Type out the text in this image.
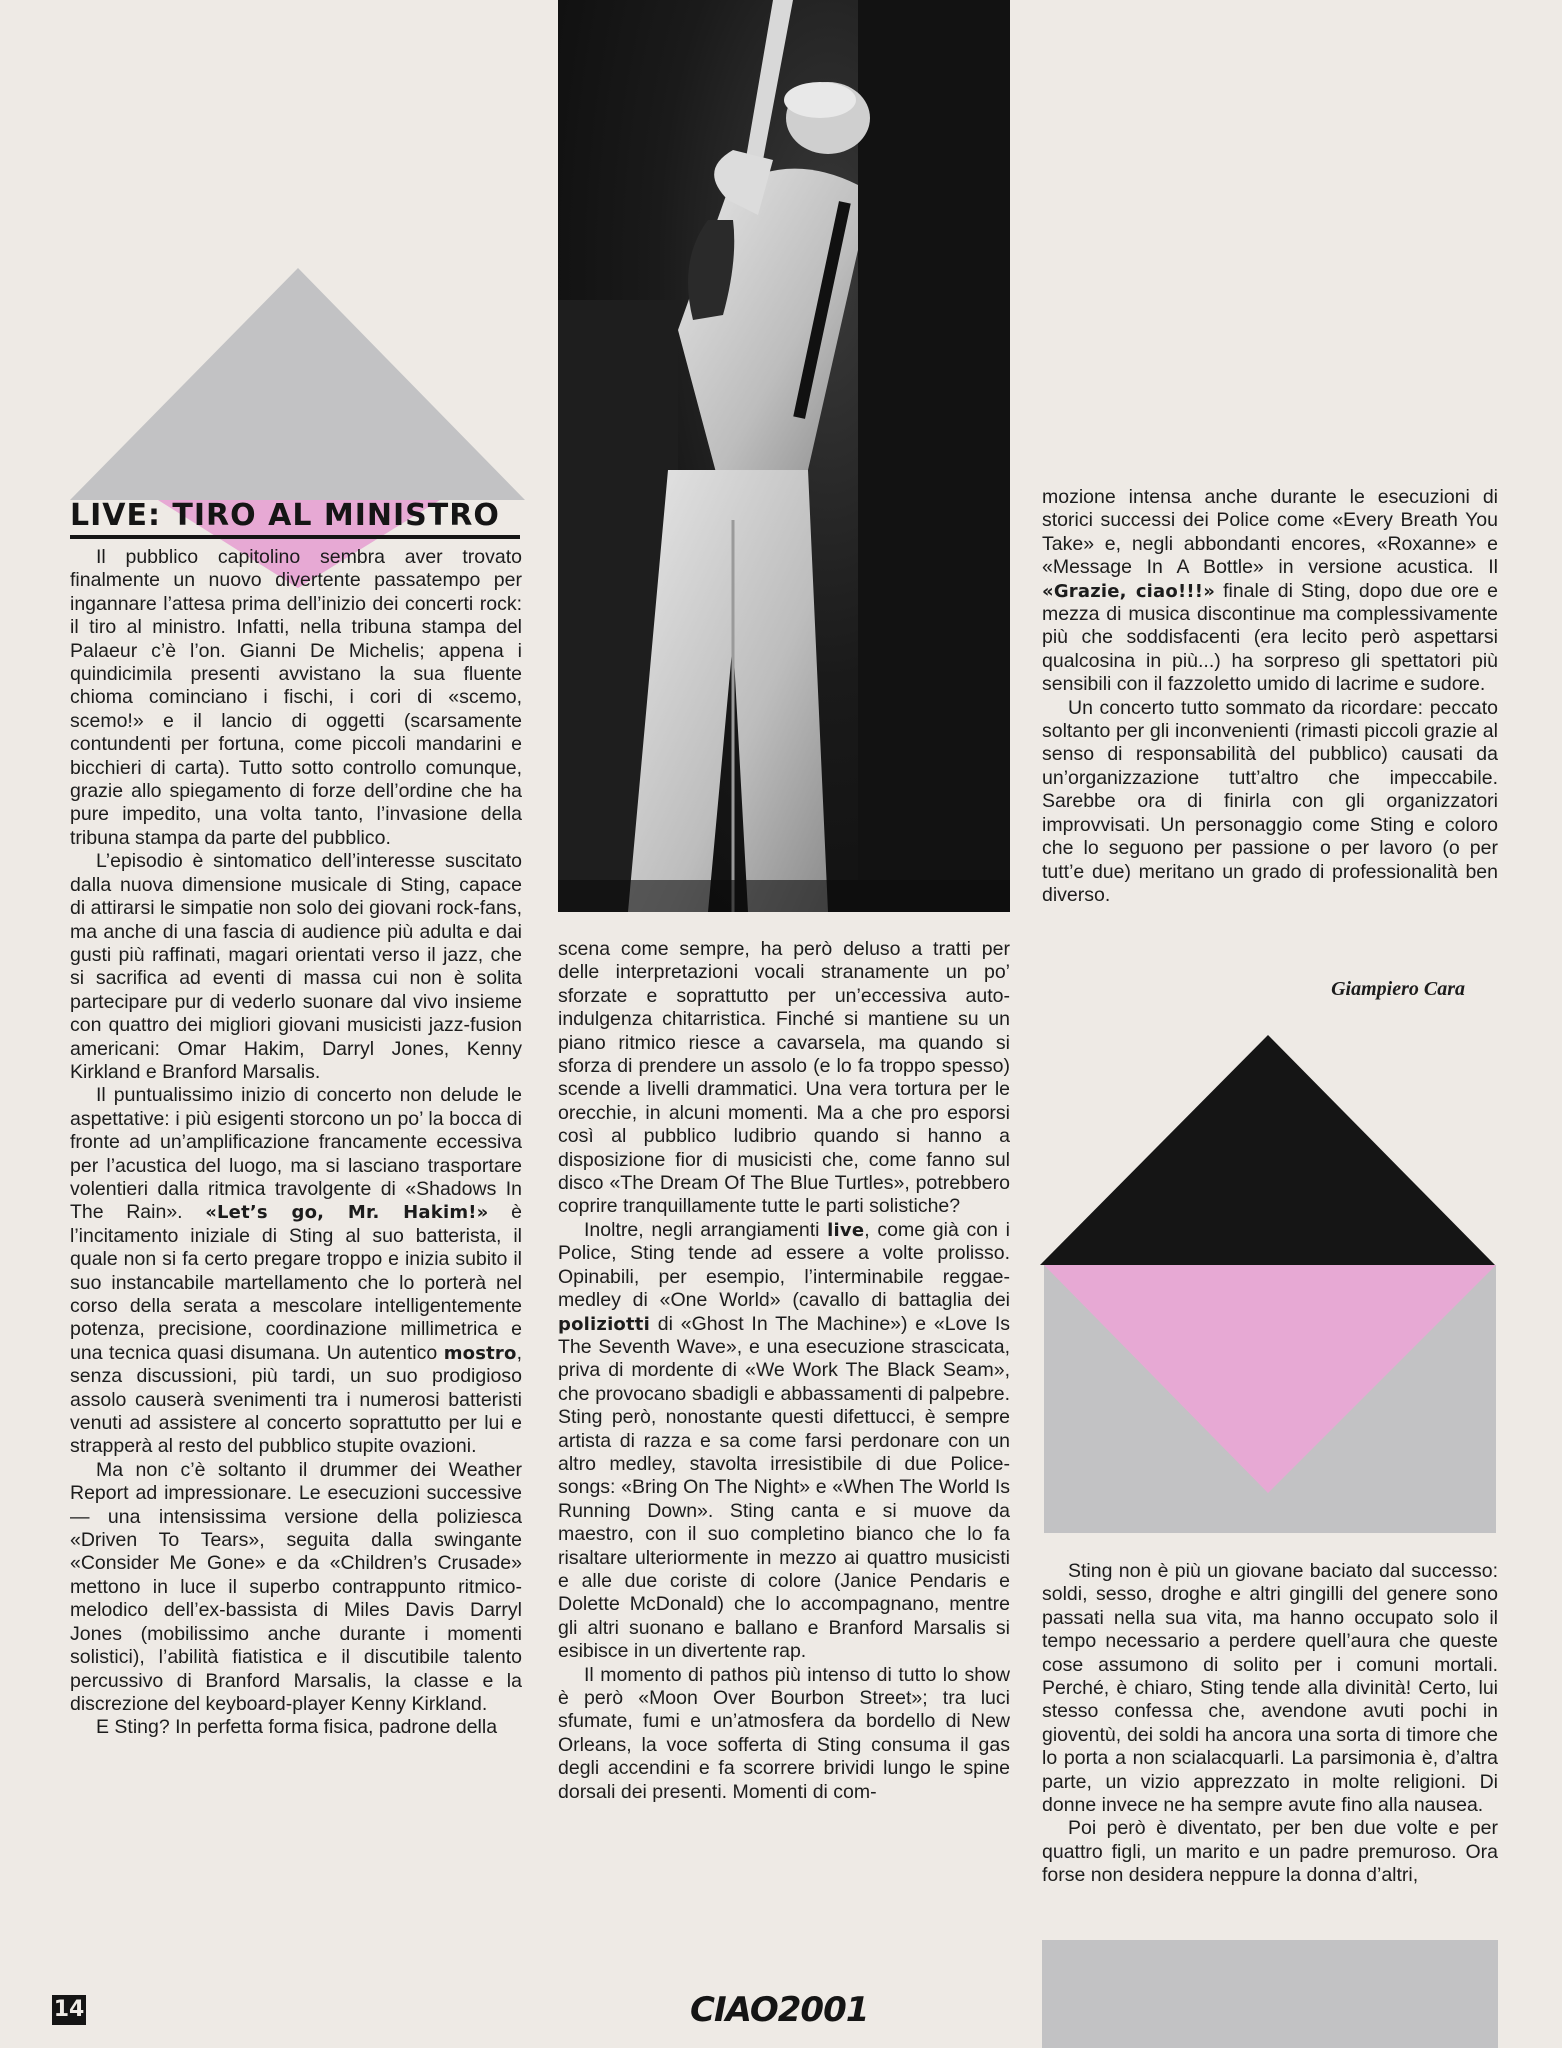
LIVE: TIRO AL MINISTRO

Il pubblico capitolino sembra aver trovato finalmente un nuovo divertente passatempo per ingannare l’attesa prima dell’inizio dei concerti rock: il tiro al ministro. Infatti, nella tribuna stampa del Palaeur c’è l’on. Gianni De Michelis; appena i quindicimila presenti avvistano la sua fluente chioma cominciano i fischi, i cori di «scemo, scemo!» e il lancio di oggetti (scarsamente contundenti per fortuna, come piccoli mandarini e bicchieri di carta). Tutto sotto controllo comunque, grazie allo spiegamento di forze dell’ordine che ha pure impedito, una volta tanto, l’invasione della tribuna stampa da parte del pubblico.

L’episodio è sintomatico dell’interesse suscitato dalla nuova dimensione musicale di Sting, capace di attirarsi le simpatie non solo dei giovani rock-fans, ma anche di una fascia di audience più adulta e dai gusti più raffinati, magari orientati verso il jazz, che si sacrifica ad eventi di massa cui non è solita partecipare pur di vederlo suonare dal vivo insieme con quattro dei migliori giovani musicisti jazz-fusion americani: Omar Hakim, Darryl Jones, Kenny Kirkland e Branford Marsalis.

Il puntualissimo inizio di concerto non delude le aspettative: i più esigenti storcono un po’ la bocca di fronte ad un’amplificazione francamente eccessiva per l’acustica del luogo, ma si lasciano trasportare volentieri dalla ritmica travolgente di «Shadows In The Rain». «Let’s go, Mr. Hakim!» è l’incitamento iniziale di Sting al suo batterista, il quale non si fa certo pregare troppo e inizia subito il suo instancabile martellamento che lo porterà nel corso della serata a mescolare intelligentemente potenza, precisione, coordinazione millimetrica e una tecnica quasi disumana. Un autentico mostro, senza discussioni, più tardi, un suo prodigioso assolo causerà svenimenti tra i numerosi batteristi venuti ad assistere al concerto soprattutto per lui e strapperà al resto del pubblico stupite ovazioni.

Ma non c’è soltanto il drummer dei Weather Report ad impressionare. Le esecuzioni successive — una intensissima versione della poliziesca «Driven To Tears», seguita dalla swingante «Consider Me Gone» e da «Children’s Crusade» mettono in luce il superbo contrappunto ritmico-melodico dell’ex-bassista di Miles Davis Darryl Jones (mobilissimo anche durante i momenti solistici), l’abilità fiatistica e il discutibile talento percussivo di Branford Marsalis, la classe e la discrezione del keyboard-player Kenny Kirkland.

E Sting? In perfetta forma fisica, padrone della

scena come sempre, ha però deluso a tratti per delle interpretazioni vocali stranamente un po’ sforzate e soprattutto per un’eccessiva auto-indulgenza chitarristica. Finché si mantiene su un piano ritmico riesce a cavarsela, ma quando si sforza di prendere un assolo (e lo fa troppo spesso) scende a livelli drammatici. Una vera tortura per le orecchie, in alcuni momenti. Ma a che pro esporsi così al pubblico ludibrio quando si hanno a disposizione fior di musicisti che, come fanno sul disco «The Dream Of The Blue Turtles», potrebbero coprire tranquillamente tutte le parti solistiche?

Inoltre, negli arrangiamenti live, come già con i Police, Sting tende ad essere a volte prolisso. Opinabili, per esempio, l’interminabile reggae-medley di «One World» (cavallo di battaglia dei poliziotti di «Ghost In The Machine») e «Love Is The Seventh Wave», e una esecuzione strascicata, priva di mordente di «We Work The Black Seam», che provocano sbadigli e abbassamenti di palpebre. Sting però, nonostante questi difettucci, è sempre artista di razza e sa come farsi perdonare con un altro medley, stavolta irresistibile di due Police-songs: «Bring On The Night» e «When The World Is Running Down». Sting canta e si muove da maestro, con il suo completino bianco che lo fa risaltare ulteriormente in mezzo ai quattro musicisti e alle due coriste di colore (Janice Pendaris e Dolette McDonald) che lo accompagnano, mentre gli altri suonano e ballano e Branford Marsalis si esibisce in un divertente rap.

Il momento di pathos più intenso di tutto lo show è però «Moon Over Bourbon Street»; tra luci sfumate, fumi e un’atmosfera da bordello di New Orleans, la voce sofferta di Sting consuma il gas degli accendini e fa scorrere brividi lungo le spine dorsali dei presenti. Momenti di com-

mozione intensa anche durante le esecuzioni di storici successi dei Police come «Every Breath You Take» e, negli abbondanti encores, «Roxanne» e «Message In A Bottle» in versione acustica. Il «Grazie, ciao!!!» finale di Sting, dopo due ore e mezza di musica discontinue ma complessivamente più che soddisfacenti (era lecito però aspettarsi qualcosina in più...) ha sorpreso gli spettatori più sensibili con il fazzoletto umido di lacrime e sudore.

Un concerto tutto sommato da ricordare: peccato soltanto per gli inconvenienti (rimasti piccoli grazie al senso di responsabilità del pubblico) causati da un’organizzazione tutt’altro che impeccabile. Sarebbe ora di finirla con gli organizzatori improvvisati. Un personaggio come Sting e coloro che lo seguono per passione o per lavoro (o per tutt’e due) meritano un grado di professionalità ben diverso.

Giampiero Cara

Sting non è più un giovane baciato dal successo: soldi, sesso, droghe e altri gingilli del genere sono passati nella sua vita, ma hanno occupato solo il tempo necessario a perdere quell’aura che queste cose assumono di solito per i comuni mortali. Perché, è chiaro, Sting tende alla divinità! Certo, lui stesso confessa che, avendone avuti pochi in gioventù, dei soldi ha ancora una sorta di timore che lo porta a non scialacquarli. La parsimonia è, d’altra parte, un vizio apprezzato in molte religioni. Di donne invece ne ha sempre avute fino alla nausea.

Poi però è diventato, per ben due volte e per quattro figli, un marito e un padre premuroso. Ora forse non desidera neppure la donna d’altri,

14	CIAO2001
